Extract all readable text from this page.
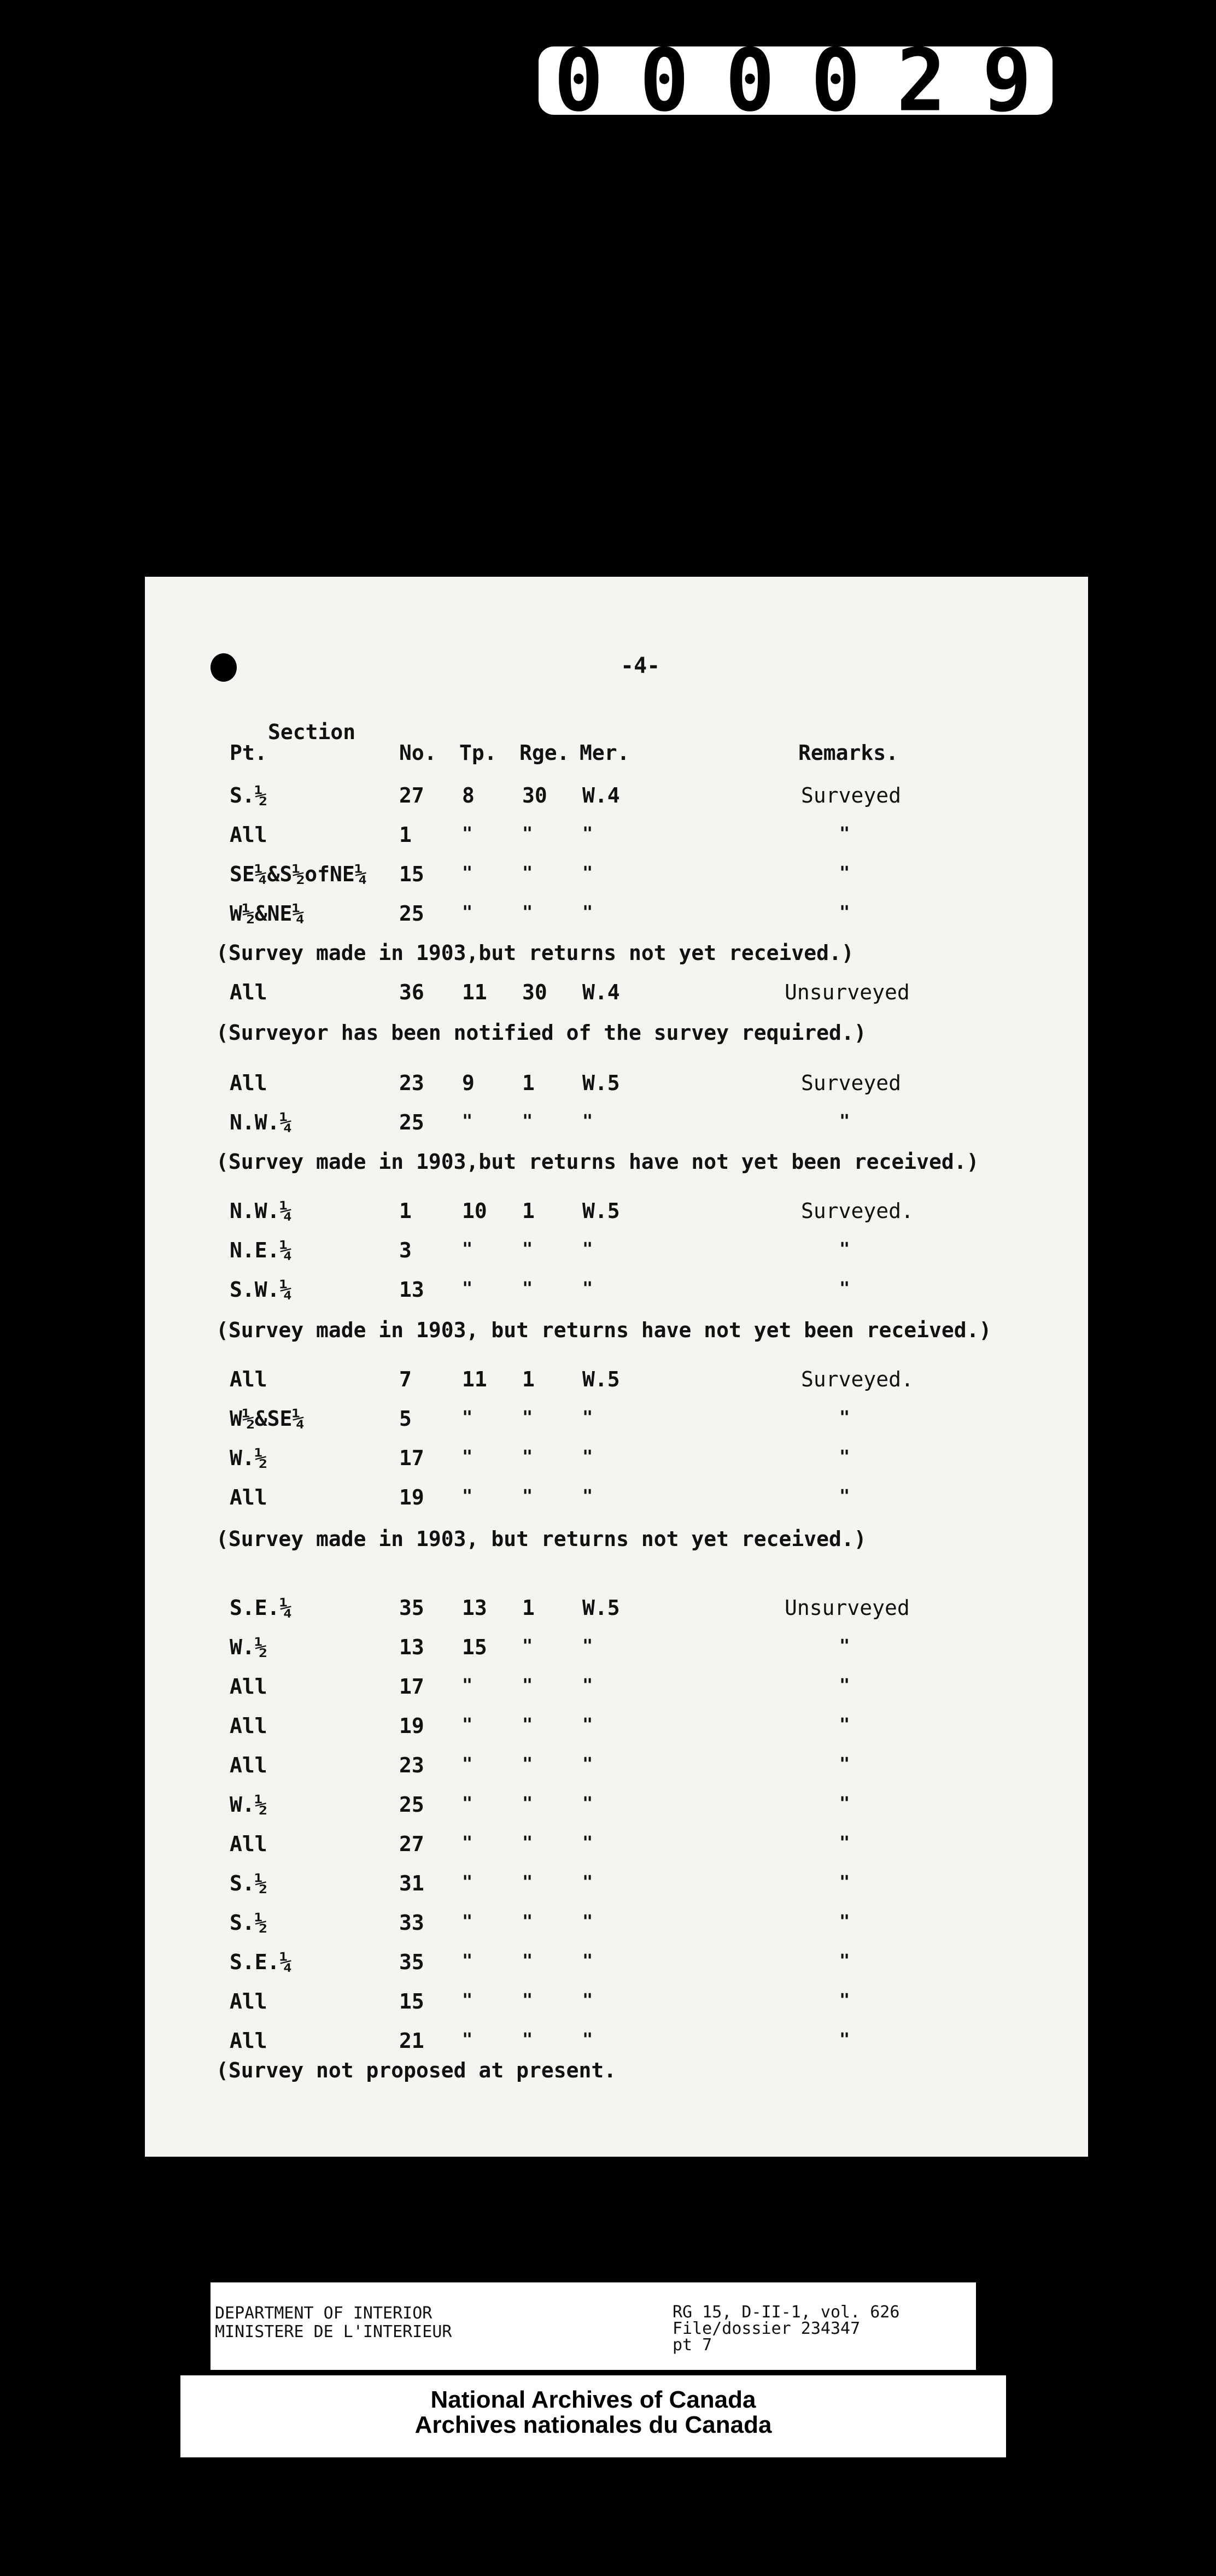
0 0 0 0 2 9
-4-
Section
Pt.	No. Tp. Rge. Mer.	Remarks.
S.½	27 8 30 W.4	Surveyed
All	1	"	"	"	"
SE¼&S½ofNE¼ 15 "	"	"	"
W½&NE¼	25 "	"	"	"
(Survey made in 1903,but returns not yet received.)
All	36 11 30 W.4	Unsurveyed
(Surveyor has been notified of the survey required.)
All	23 9 1 W.5	Surveyed
N.W.¼	25 "	"	"	"
(Survey made in 1903,but returns have not yet been received.)
N.W.¼	1 10 1 W.5	Surveyed.
N.E.¼	3	"	"	"	"
S.W.¼	13 "	"	"	"
(Survey made in 1903, but returns have not yet been received.)
All	7 11 1 W.5	Surveyed.
W½&SE¼	5	"	"	"	"
W.½	17 "	"	"	"
All	19 "	"	"	"
(Survey made in 1903, but returns not yet received.)
S.E.¼	35 13 1 W.5	Unsurveyed
W.½	13 15 "	"	"
All	17 "	"	"	"
All	19 "	"	"	"
All	23 "	"	"	"
W.½	25 "	"	"	"
All	27 "	"	"	"
S.½	31 "	"	"	"
S.½	33 "	"	"	"
S.E.¼	35 "	"	"	"
All	15 "	"	"	"
All	21 "	"	"	"
(Survey not proposed at present.
DEPARTMENT OF INTERIOR
MINISTERE DE L'INTERIEUR
RG 15, D-II-1, vol. 626
File/dossier 234347
pt 7
National Archives of Canada
Archives nationales du Canada
